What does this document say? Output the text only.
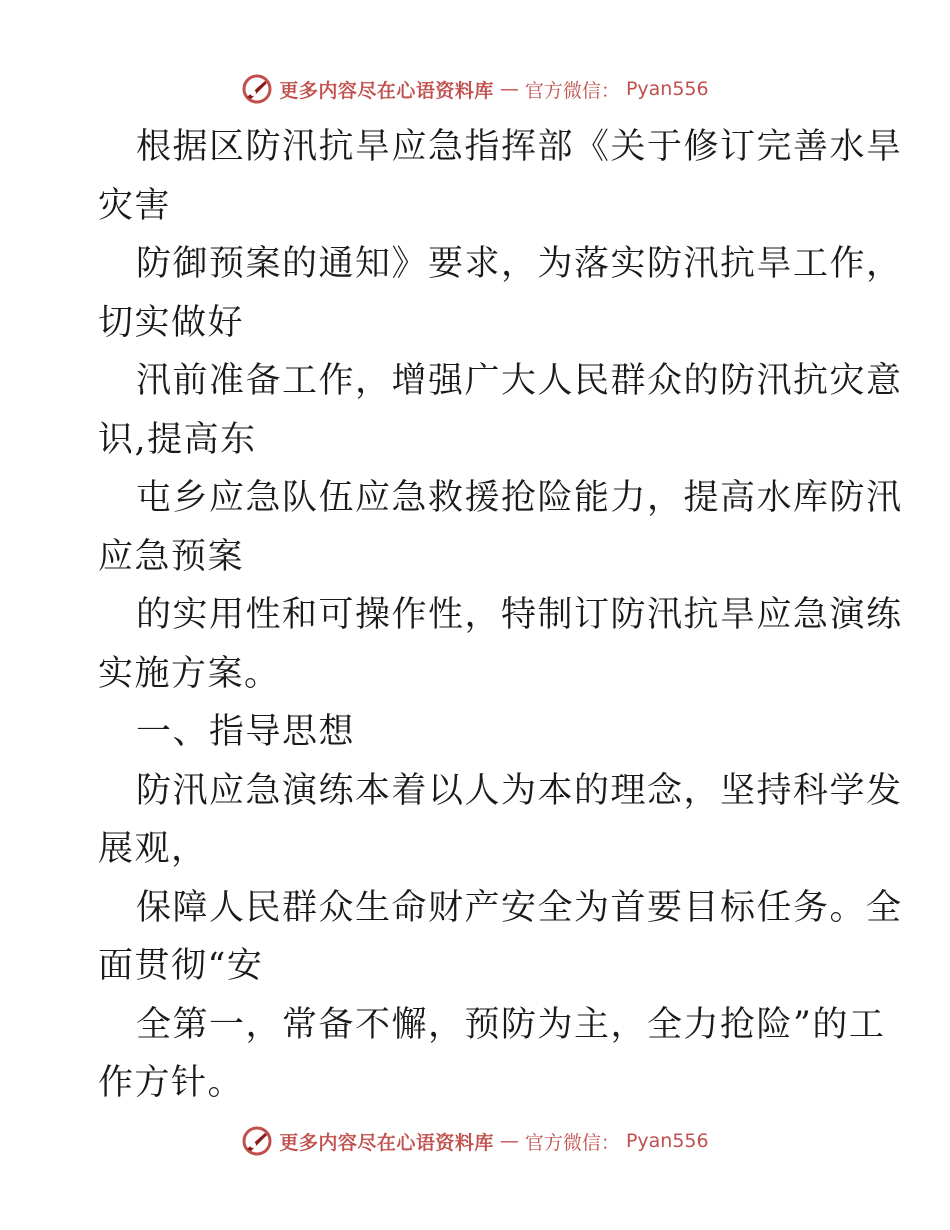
更多内容尽在心语资料库 — 官方微信： Pyan556
根据区防汛抗旱应急指挥部《关于修订完善水旱
灾害
防御预案的通知》要求，为落实防汛抗旱工作，
切实做好
汛前准备工作，增强广大人民群众的防汛抗灾意
识,提高东
屯乡应急队伍应急救援抢险能力，提高水库防汛
应急预案
的实用性和可操作性，特制订防汛抗旱应急演练
实施方案。
一、指导思想
防汛应急演练本着以人为本的理念，坚持科学发
展观，
保障人民群众生命财产安全为首要目标任务。全
面贯彻“安
全第一，常备不懈，预防为主，全力抢险”的工
作方针。
更多内容尽在心语资料库 — 官方微信： Pyan556
